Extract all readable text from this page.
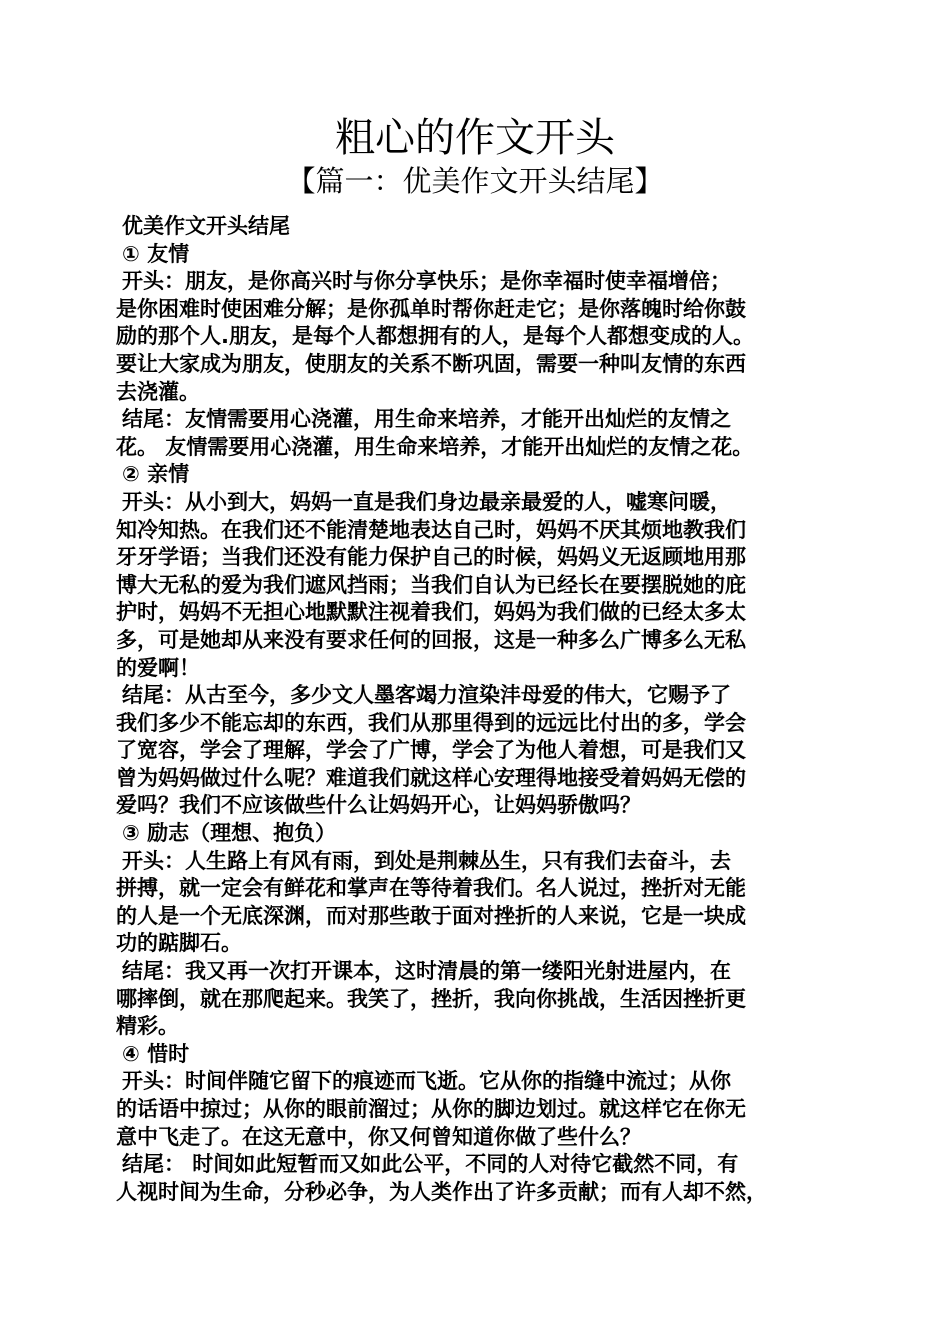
粗心的作文开头
【篇一：优美作文开头结尾】

优美作文开头结尾

① 友情

开头：朋友，是你高兴时与你分享快乐；是你幸福时使幸福增倍；

是你困难时使困难分解；是你孤单时帮你赶走它；是你落魄时给你鼓

励的那个人.朋友，是每个人都想拥有的人，是每个人都想变成的人。

要让大家成为朋友，使朋友的关系不断巩固，需要一种叫友情的东西

去浇灌。

结尾：友情需要用心浇灌，用生命来培养，才能开出灿烂的友情之

花。 友情需要用心浇灌，用生命来培养，才能开出灿烂的友情之花。

② 亲情

开头：从小到大，妈妈一直是我们身边最亲最爱的人，嘘寒问暖，

知冷知热。在我们还不能清楚地表达自己时，妈妈不厌其烦地教我们

牙牙学语；当我们还没有能力保护自己的时候，妈妈义无返顾地用那

博大无私的爱为我们遮风挡雨；当我们自认为已经长在要摆脱她的庇

护时，妈妈不无担心地默默注视着我们，妈妈为我们做的已经太多太

多，可是她却从来没有要求任何的回报，这是一种多么广博多么无私

的爱啊！

结尾：从古至今，多少文人墨客竭力渲染沣母爱的伟大，它赐予了

我们多少不能忘却的东西，我们从那里得到的远远比付出的多，学会

了宽容，学会了理解，学会了广博，学会了为他人着想，可是我们又

曾为妈妈做过什么呢？难道我们就这样心安理得地接受着妈妈无偿的

爱吗？我们不应该做些什么让妈妈开心，让妈妈骄傲吗？

③ 励志（理想、抱负）

开头：人生路上有风有雨，到处是荆棘丛生，只有我们去奋斗，去

拼搏，就一定会有鲜花和掌声在等待着我们。名人说过，挫折对无能

的人是一个无底深渊，而对那些敢于面对挫折的人来说，它是一块成

功的踮脚石。

结尾：我又再一次打开课本，这时清晨的第一缕阳光射进屋内，在

哪摔倒，就在那爬起来。我笑了，挫折，我向你挑战，生活因挫折更

精彩。

④ 惜时

开头：时间伴随它留下的痕迹而飞逝。它从你的指缝中流过；从你

的话语中掠过；从你的眼前溜过；从你的脚边划过。就这样它在你无

意中飞走了。在这无意中，你又何曾知道你做了些什么？

结尾： 时间如此短暂而又如此公平，不同的人对待它截然不同，有

人视时间为生命，分秒必争，为人类作出了许多贡献；而有人却不然，
